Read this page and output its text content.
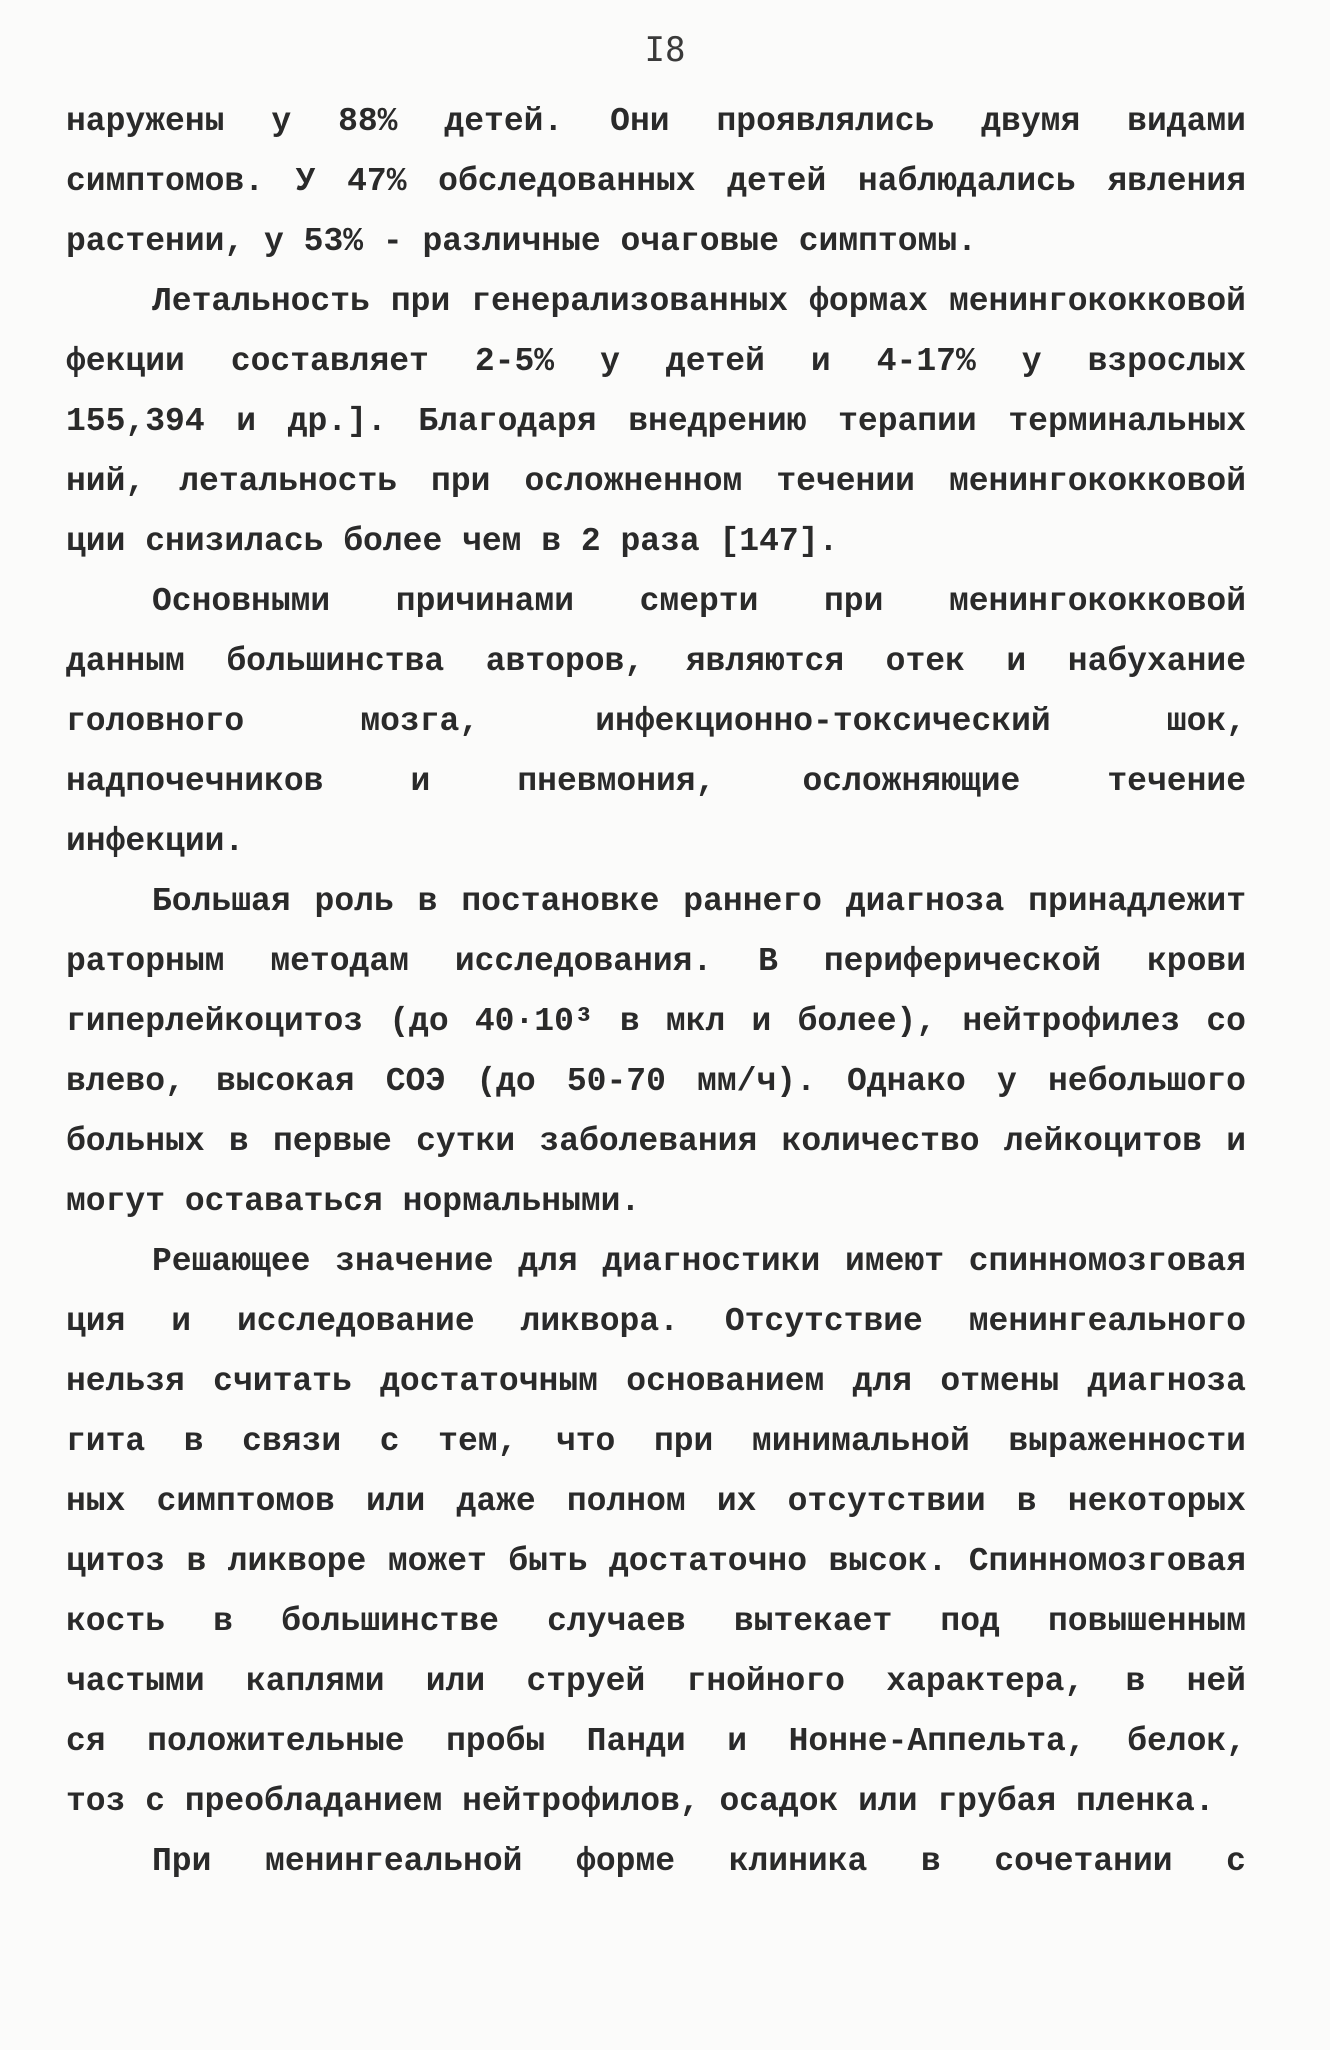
I8
наружены у 88% детей. Они проявлялись двумя видами
симптомов. У 47% обследованных детей наблюдались явления
растении, у 53% - различные очаговые симптомы.
Летальность при генерализованных формах менингококковой
фекции составляет 2-5% у детей и 4-17% у взрослых
155,394 и др.]. Благодаря внедрению терапии терминальных
ний, летальность при осложненном течении менингококковой
ции снизилась более чем в 2 раза [147].
Основными причинами смерти при менингококковой
данным большинства авторов, являются отек и набухание
головного мозга, инфекционно-токсический шок,
надпочечников и пневмония, осложняющие течение
инфекции.
Большая роль в постановке раннего диагноза принадлежит
раторным методам исследования. В периферической крови
гиперлейкоцитоз (до 40·10³ в мкл и более), нейтрофилез со
влево, высокая СОЭ (до 50-70 мм/ч). Однако у небольшого
больных в первые сутки заболевания количество лейкоцитов и
могут оставаться нормальными.
Решающее значение для диагностики имеют спинномозговая
ция и исследование ликвора. Отсутствие менингеального
нельзя считать достаточным основанием для отмены диагноза
гита в связи с тем, что при минимальной выраженности
ных симптомов или даже полном их отсутствии в некоторых
цитоз в ликворе может быть достаточно высок. Спинномозговая
кость в большинстве случаев вытекает под повышенным
частыми каплями или струей гнойного характера, в ней
ся положительные пробы Панди и Нонне-Аппельта, белок,
тоз с преобладанием нейтрофилов, осадок или грубая пленка.
При менингеальной форме клиника в сочетании с
